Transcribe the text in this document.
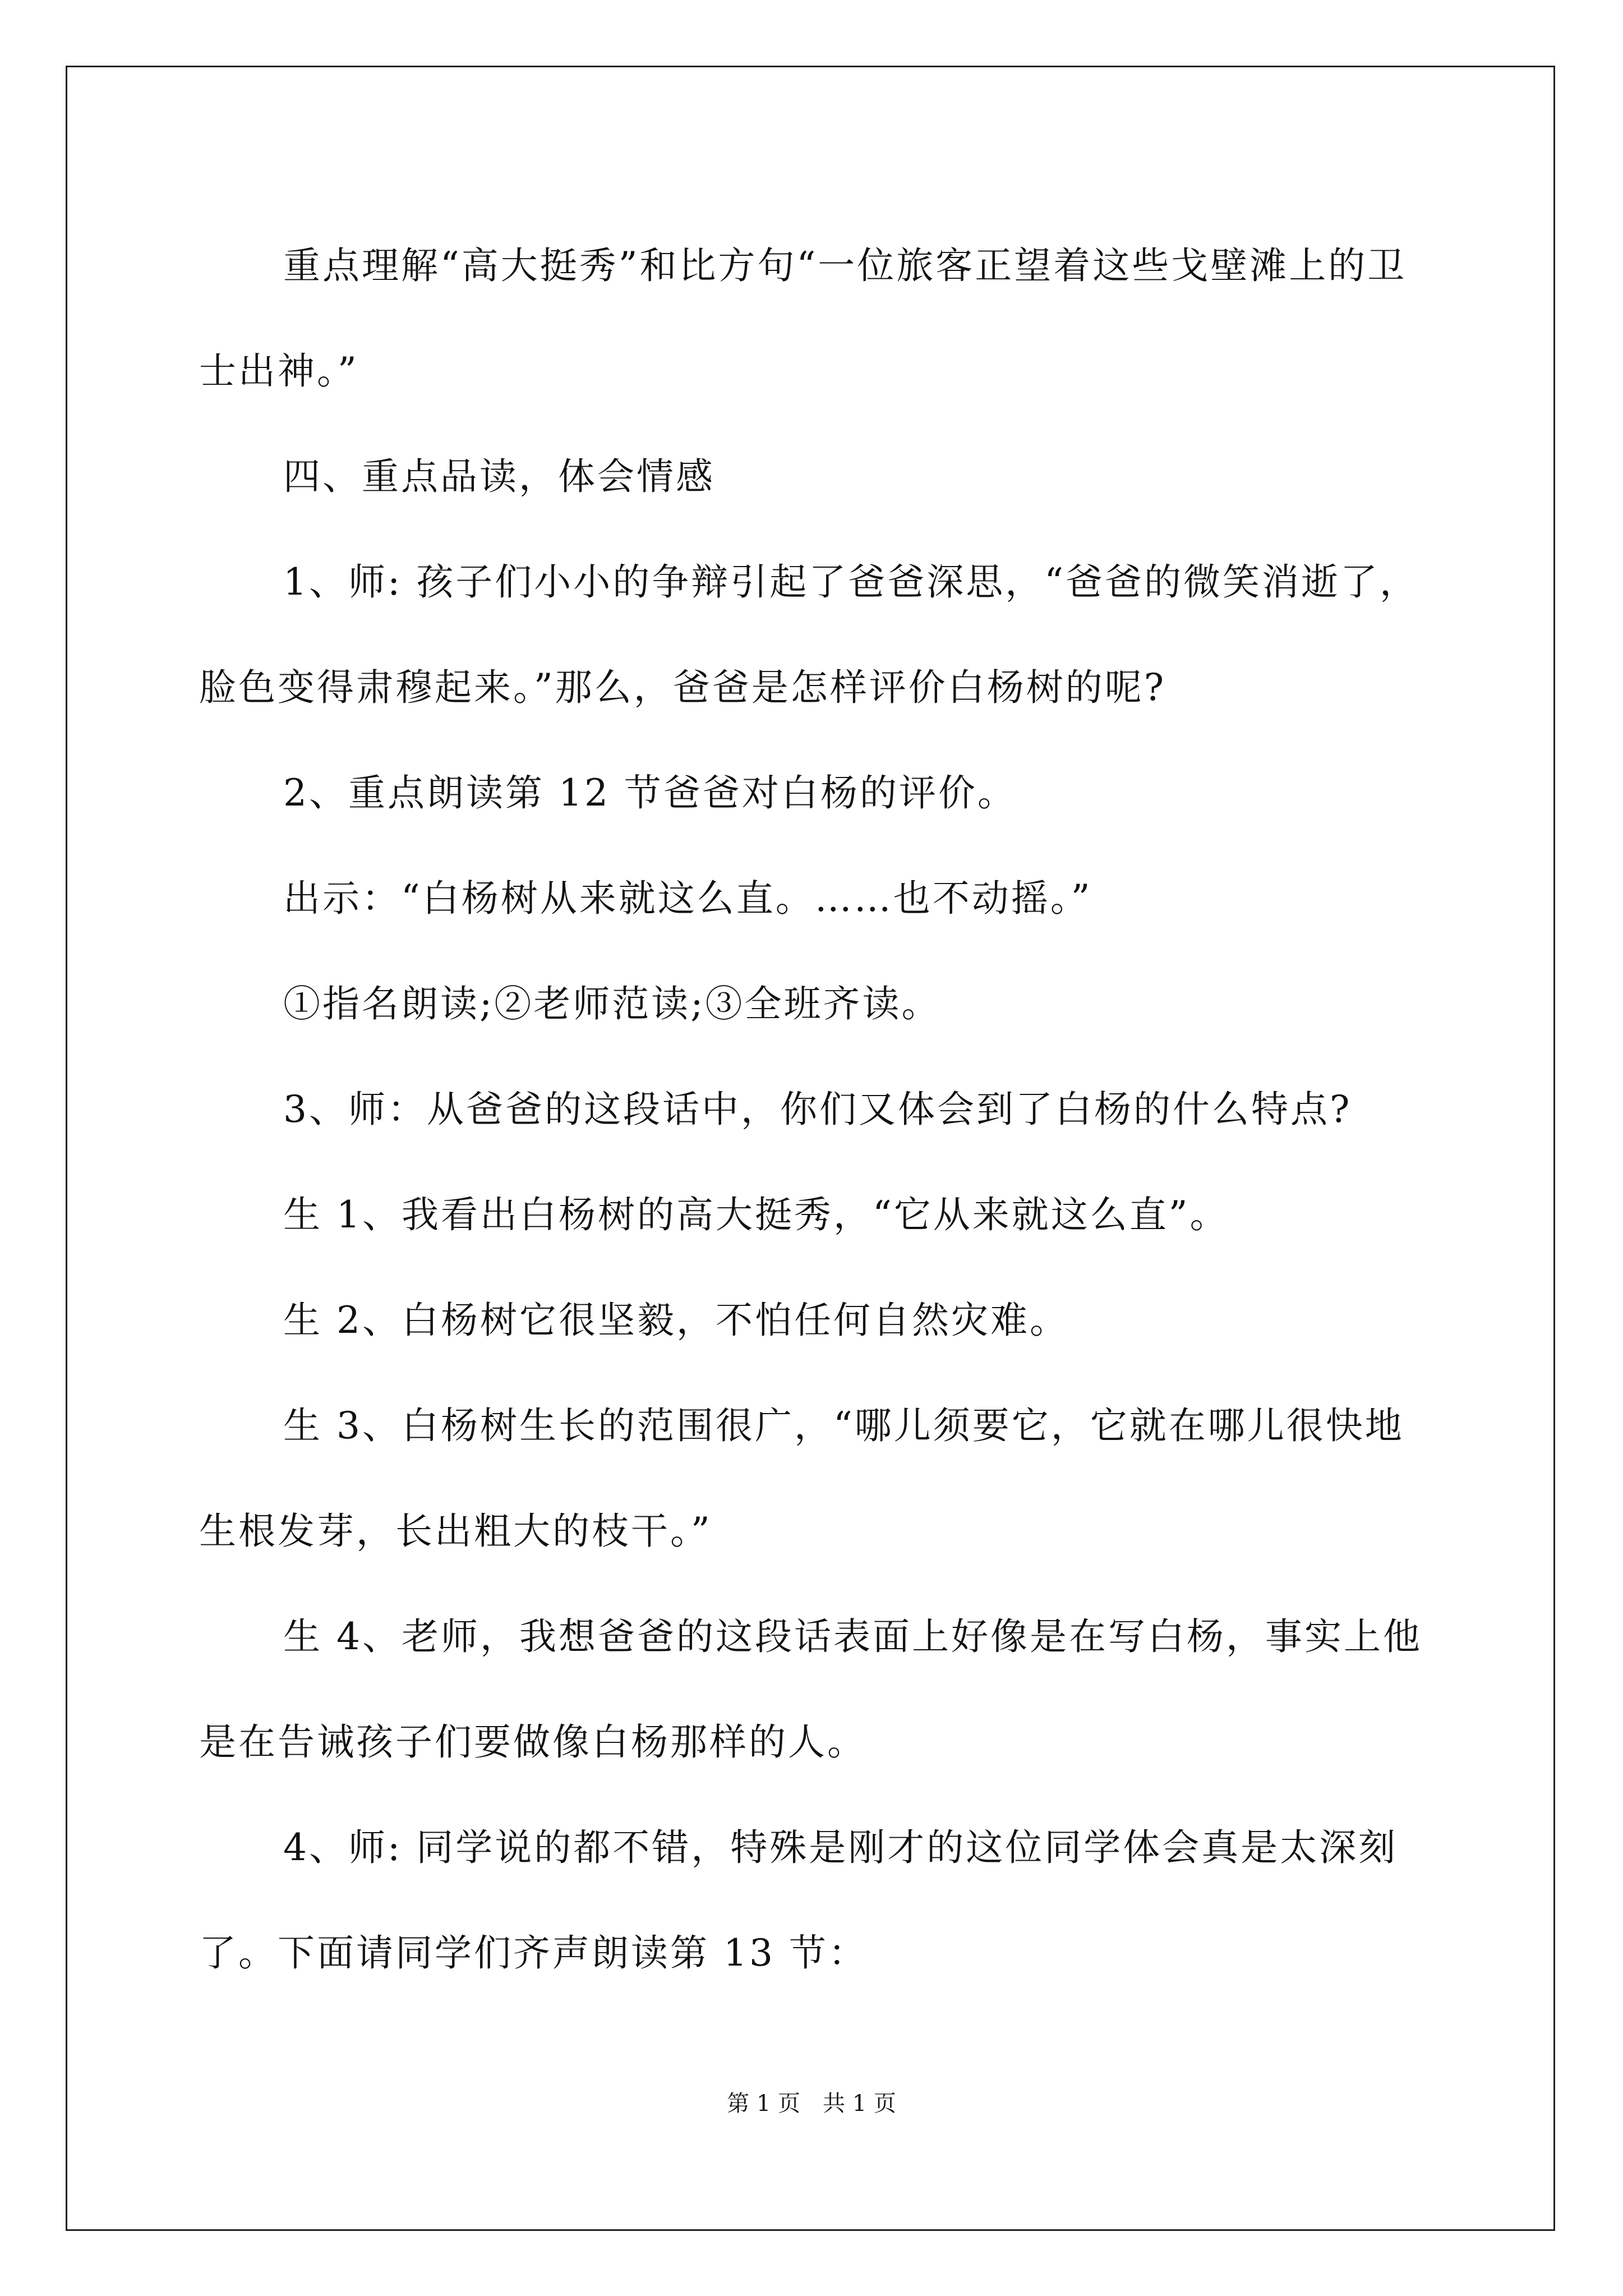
重点理解“高大挺秀”和比方句“一位旅客正望着这些戈壁滩上的卫士出神。”

四、重点品读，体会情感

1、师: 孩子们小小的争辩引起了爸爸深思，“爸爸的微笑消逝了，脸色变得肃穆起来。”那么，爸爸是怎样评价白杨树的呢?

2、重点朗读第 12 节爸爸对白杨的评价。

出示：“白杨树从来就这么直。……也不动摇。”

①指名朗读;②老师范读;③全班齐读。

3、师：从爸爸的这段话中，你们又体会到了白杨的什么特点?

生 1、我看出白杨树的高大挺秀，“它从来就这么直”。

生 2、白杨树它很坚毅，不怕任何自然灾难。

生 3、白杨树生长的范围很广，“哪儿须要它，它就在哪儿很快地生根发芽，长出粗大的枝干。”

生 4、老师，我想爸爸的这段话表面上好像是在写白杨，事实上他是在告诫孩子们要做像白杨那样的人。

4、师: 同学说的都不错，特殊是刚才的这位同学体会真是太深刻了。下面请同学们齐声朗读第 13 节：

第 1 页　共 1 页
